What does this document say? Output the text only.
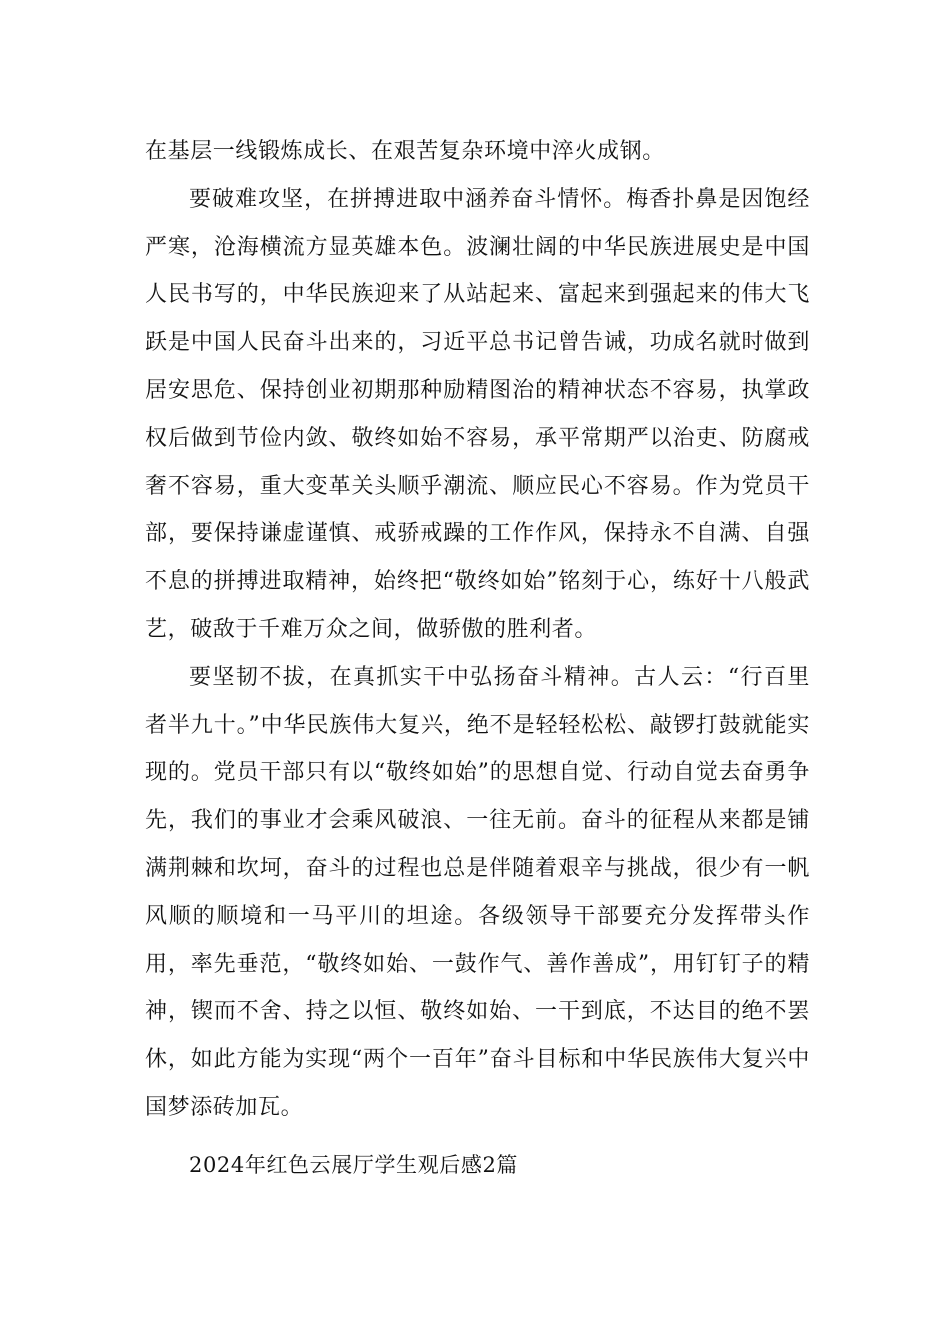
在基层一线锻炼成长、在艰苦复杂环境中淬火成钢。

要破难攻坚，在拼搏进取中涵养奋斗情怀。梅香扑鼻是因饱经严寒，沧海横流方显英雄本色。波澜壮阔的中华民族进展史是中国人民书写的，中华民族迎来了从站起来、富起来到强起来的伟大飞跃是中国人民奋斗出来的，习近平总书记曾告诫，功成名就时做到居安思危、保持创业初期那种励精图治的精神状态不容易，执掌政权后做到节俭内敛、敬终如始不容易，承平常期严以治吏、防腐戒奢不容易，重大变革关头顺乎潮流、顺应民心不容易。作为党员干部，要保持谦虚谨慎、戒骄戒躁的工作作风，保持永不自满、自强不息的拼搏进取精神，始终把“敬终如始”铭刻于心，练好十八般武艺，破敌于千难万众之间，做骄傲的胜利者。

要坚韧不拔，在真抓实干中弘扬奋斗精神。古人云：“行百里者半九十。”中华民族伟大复兴，绝不是轻轻松松、敲锣打鼓就能实现的。党员干部只有以“敬终如始”的思想自觉、行动自觉去奋勇争先，我们的事业才会乘风破浪、一往无前。奋斗的征程从来都是铺满荆棘和坎坷，奋斗的过程也总是伴随着艰辛与挑战，很少有一帆风顺的顺境和一马平川的坦途。各级领导干部要充分发挥带头作用，率先垂范，“敬终如始、一鼓作气、善作善成”，用钉钉子的精神，锲而不舍、持之以恒、敬终如始、一干到底，不达目的绝不罢休，如此方能为实现“两个一百年”奋斗目标和中华民族伟大复兴中国梦添砖加瓦。

2024年红色云展厅学生观后感2篇
